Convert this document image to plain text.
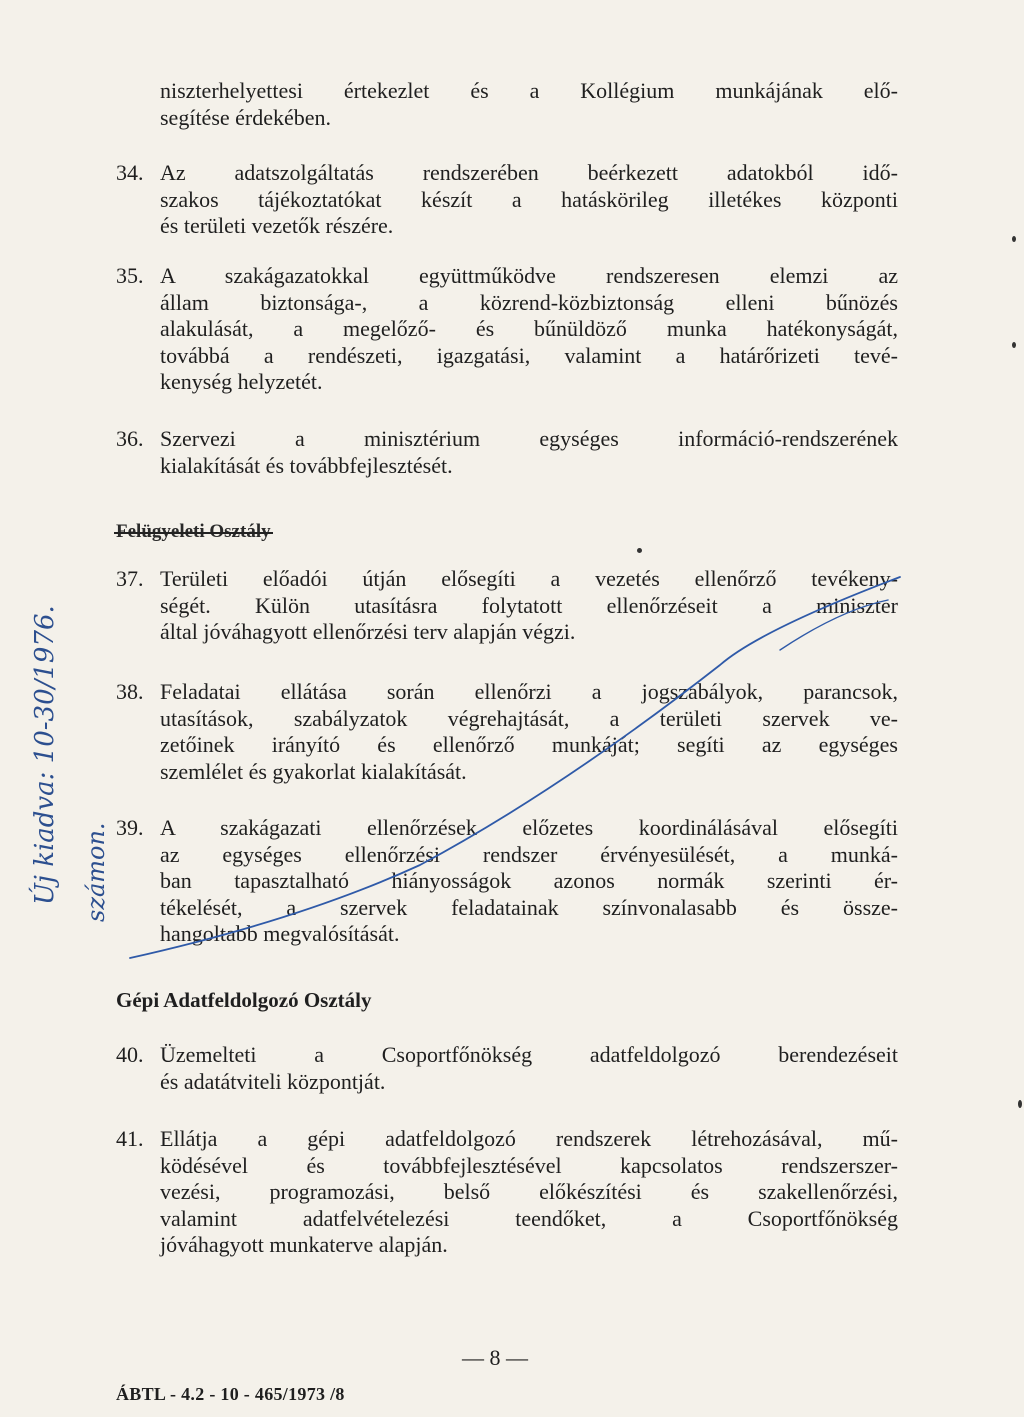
niszterhelyettesi értekezlet és a Kollégium munkájának elő-
segítése érdekében.
34. Az adatszolgáltatás rendszerében beérkezett adatokból idő-
szakos tájékoztatókat készít a hatáskörileg illetékes központi
és területi vezetők részére.
35. A szakágazatokkal együttműködve rendszeresen elemzi az
állam biztonsága-, a közrend-közbiztonság elleni bűnözés
alakulását, a megelőző- és bűnüldöző munka hatékonyságát,
továbbá a rendészeti, igazgatási, valamint a határőrizeti tevé-
kenység helyzetét.
36. Szervezi a minisztérium egységes információ-rendszerének
kialakítását és továbbfejlesztését.
Felügyeleti Osztály
37. Területi előadói útján elősegíti a vezetés ellenőrző tevékeny-
ségét. Külön utasításra folytatott ellenőrzéseit a miniszter
által jóváhagyott ellenőrzési terv alapján végzi.
38. Feladatai ellátása során ellenőrzi a jogszabályok, parancsok,
utasítások, szabályzatok végrehajtását, a területi szervek ve-
zetőinek irányító és ellenőrző munkáját; segíti az egységes
szemlélet és gyakorlat kialakítását.
39. A szakágazati ellenőrzések előzetes koordinálásával elősegíti
az egységes ellenőrzési rendszer érvényesülését, a munká-
ban tapasztalható hiányosságok azonos normák szerinti ér-
tékelését, a szervek feladatainak színvonalasabb és össze-
hangoltabb megvalósítását.
Gépi Adatfeldolgozó Osztály
40. Üzemelteti a Csoportfőnökség adatfeldolgozó berendezéseit
és adatátviteli központját.
41. Ellátja a gépi adatfeldolgozó rendszerek létrehozásával, mű-
ködésével és továbbfejlesztésével kapcsolatos rendszerszer-
vezési, programozási, belső előkészítési és szakellenőrzési,
valamint adatfelvételezési teendőket, a Csoportfőnökség
jóváhagyott munkaterve alapján.
— 8 —
ÁBTL - 4.2 - 10 - 465/1973 /8
Új kiadva: 10-30/1976. számon.
